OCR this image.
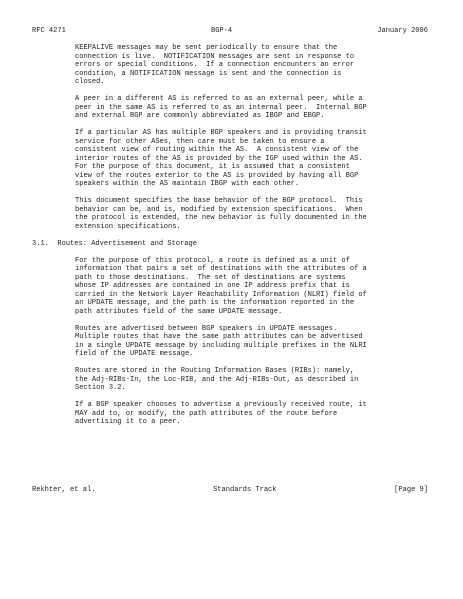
RFC 4271	BGP-4	January 2006
KEEPALIVE messages may be sent periodically to ensure that the
connection is live.  NOTIFICATION messages are sent in response to
errors or special conditions.  If a connection encounters an error
condition, a NOTIFICATION message is sent and the connection is
closed.
A peer in a different AS is referred to as an external peer, while a
peer in the same AS is referred to as an internal peer.  Internal BGP
and external BGP are commonly abbreviated as IBGP and EBGP.
If a particular AS has multiple BGP speakers and is providing transit
service for other ASes, then care must be taken to ensure a
consistent view of routing within the AS.  A consistent view of the
interior routes of the AS is provided by the IGP used within the AS.
For the purpose of this document, it is assumed that a consistent
view of the routes exterior to the AS is provided by having all BGP
speakers within the AS maintain IBGP with each other.
This document specifies the base behavior of the BGP protocol.  This
behavior can be, and is, modified by extension specifications.  When
the protocol is extended, the new behavior is fully documented in the
extension specifications.
3.1.  Routes: Advertisement and Storage
For the purpose of this protocol, a route is defined as a unit of
information that pairs a set of destinations with the attributes of a
path to those destinations.  The set of destinations are systems
whose IP addresses are contained in one IP address prefix that is
carried in the Network Layer Reachability Information (NLRI) field of
an UPDATE message, and the path is the information reported in the
path attributes field of the same UPDATE message.
Routes are advertised between BGP speakers in UPDATE messages.
Multiple routes that have the same path attributes can be advertised
in a single UPDATE message by including multiple prefixes in the NLRI
field of the UPDATE message.
Routes are stored in the Routing Information Bases (RIBs): namely,
the Adj-RIBs-In, the Loc-RIB, and the Adj-RIBs-Out, as described in
Section 3.2.
If a BGP speaker chooses to advertise a previously received route, it
MAY add to, or modify, the path attributes of the route before
advertising it to a peer.
Rekhter, et al.	Standards Track	[Page 9]
